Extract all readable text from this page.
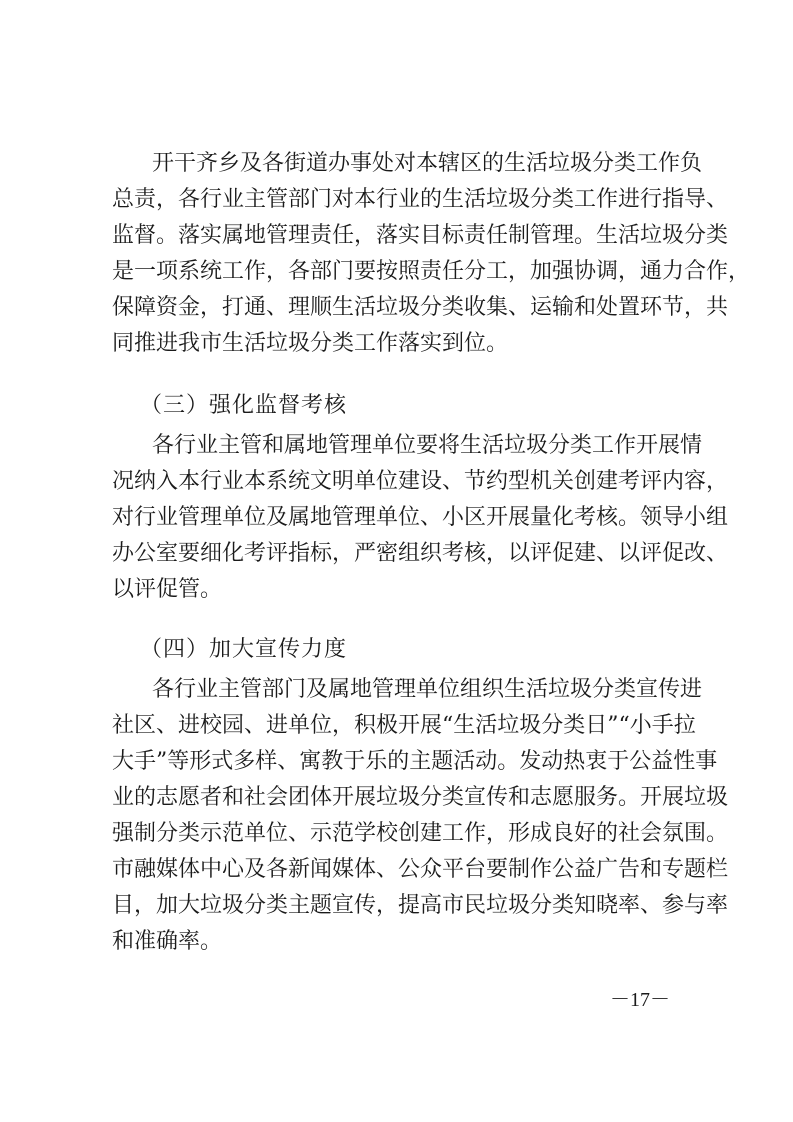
开干齐乡及各街道办事处对本辖区的生活垃圾分类工作负
总责，各行业主管部门对本行业的生活垃圾分类工作进行指导、
监督。落实属地管理责任，落实目标责任制管理。生活垃圾分类
是一项系统工作，各部门要按照责任分工，加强协调，通力合作，
保障资金，打通、理顺生活垃圾分类收集、运输和处置环节，共
同推进我市生活垃圾分类工作落实到位。
（三）强化监督考核
各行业主管和属地管理单位要将生活垃圾分类工作开展情
况纳入本行业本系统文明单位建设、节约型机关创建考评内容，
对行业管理单位及属地管理单位、小区开展量化考核。领导小组
办公室要细化考评指标，严密组织考核，以评促建、以评促改、
以评促管。
（四）加大宣传力度
各行业主管部门及属地管理单位组织生活垃圾分类宣传进
社区、进校园、进单位，积极开展“生活垃圾分类日”“小手拉
大手”等形式多样、寓教于乐的主题活动。发动热衷于公益性事
业的志愿者和社会团体开展垃圾分类宣传和志愿服务。开展垃圾
强制分类示范单位、示范学校创建工作，形成良好的社会氛围。
市融媒体中心及各新闻媒体、公众平台要制作公益广告和专题栏
目，加大垃圾分类主题宣传，提高市民垃圾分类知晓率、参与率
和准确率。
－17－
